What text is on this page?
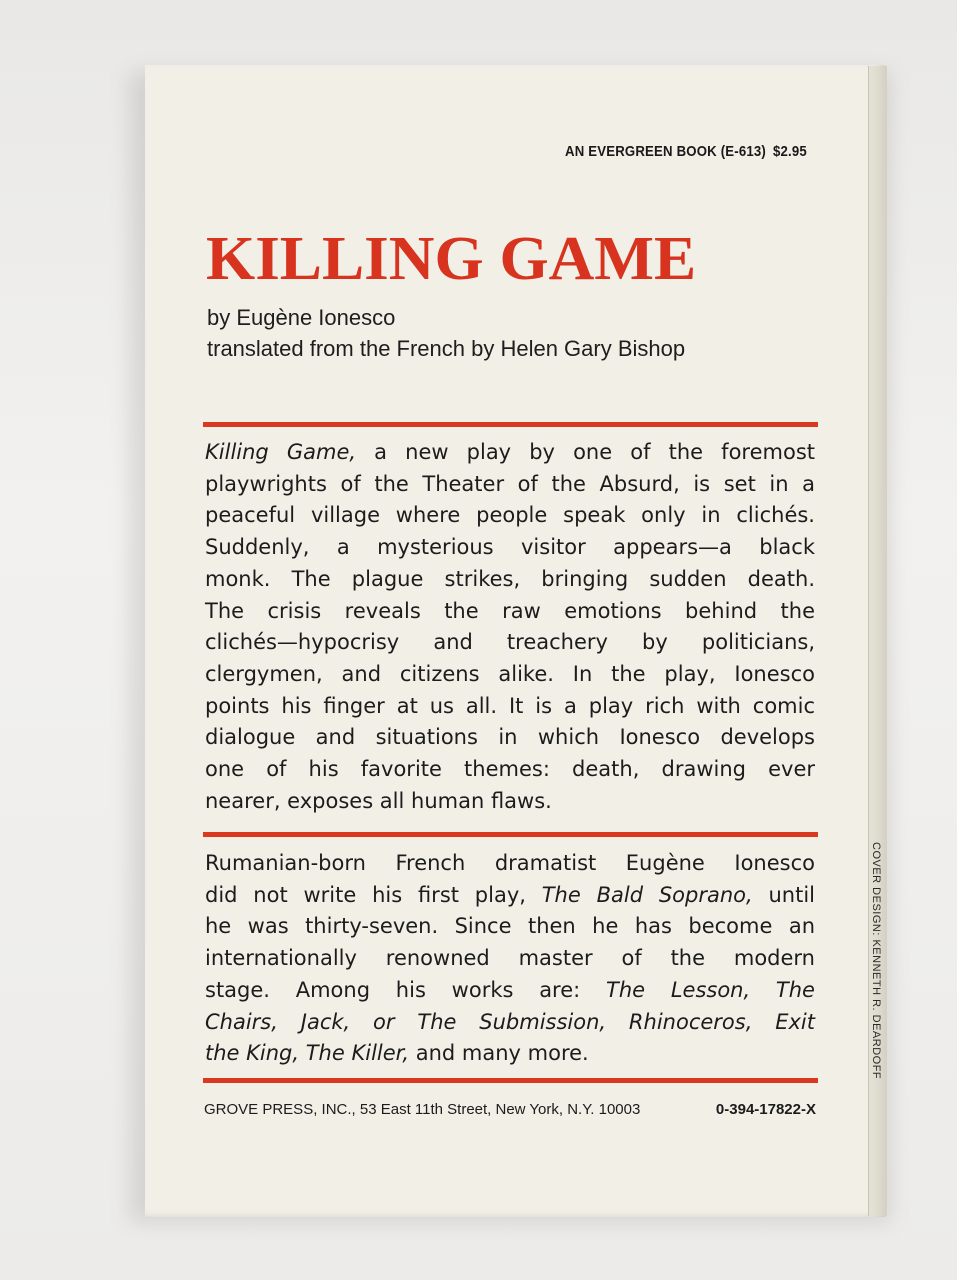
AN EVERGREEN BOOK (E-613) $2.95
KILLING GAME
by Eugène Ionesco
translated from the French by Helen Gary Bishop
Killing Game, a new play by one of the foremost
playwrights of the Theater of the Absurd, is set in a
peaceful village where people speak only in clichés.
Suddenly, a mysterious visitor appears—a black
monk. The plague strikes, bringing sudden death.
The crisis reveals the raw emotions behind the
clichés—hypocrisy and treachery by politicians,
clergymen, and citizens alike. In the play, Ionesco
points his finger at us all. It is a play rich with comic
dialogue and situations in which Ionesco develops
one of his favorite themes: death, drawing ever
nearer, exposes all human flaws.
Rumanian-born French dramatist Eugène Ionesco
did not write his first play, The Bald Soprano, until
he was thirty-seven. Since then he has become an
internationally renowned master of the modern
stage. Among his works are: The Lesson, The
Chairs, Jack, or The Submission, Rhinoceros, Exit
the King, The Killer, and many more.
GROVE PRESS, INC., 53 East 11th Street, New York, N.Y. 10003	0-394-17822-X
COVER DESIGN: KENNETH R. DEARDOFF
